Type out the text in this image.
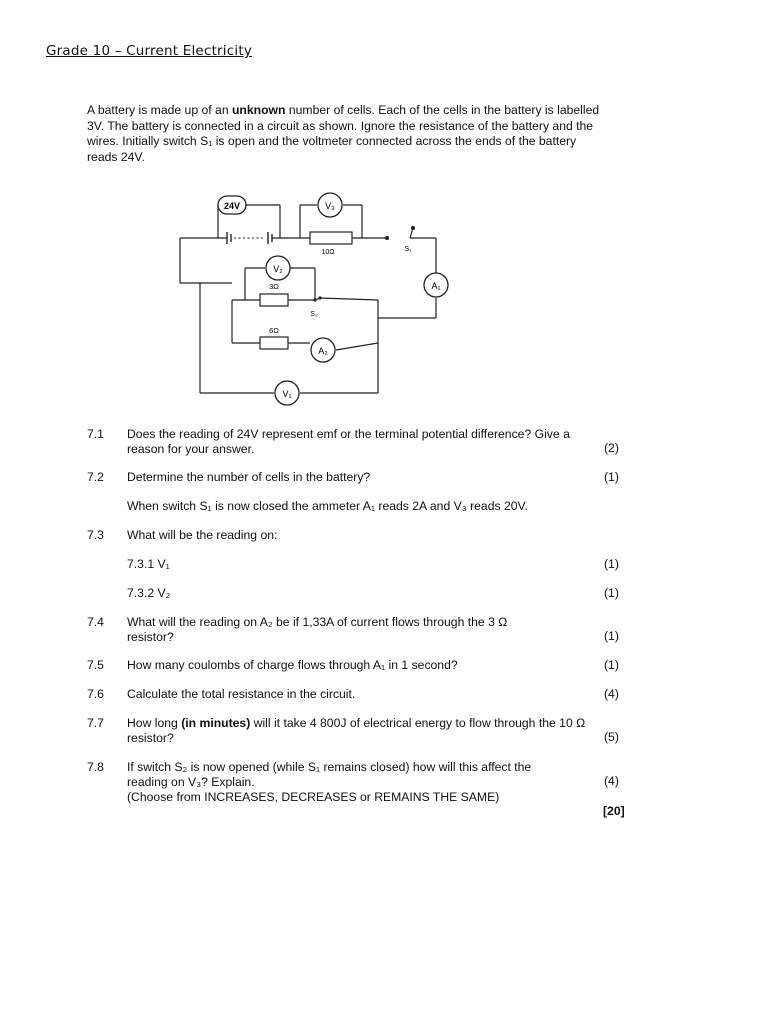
Grade 10 – Current Electricity
A battery is made up of an unknown number of cells. Each of the cells in the battery is labelled 3V. The battery is connected in a circuit as shown. Ignore the resistance of the battery and the wires. Initially switch S₁ is open and the voltmeter connected across the ends of the battery reads 24V.
24V	V₃
10Ω	S₁
A₁
V₂
3Ω
S₂
6Ω
A₂
V₁
7.1 Does the reading of 24V represent emf or the terminal potential difference? Give a reason for your answer.	(2)
7.2 Determine the number of cells in the battery?	(1)
When switch S₁ is now closed the ammeter A₁ reads 2A and V₃ reads 20V.
7.3 What will be the reading on:
7.3.1 V₁	(1)
7.3.2 V₂	(1)
7.4 What will the reading on A₂ be if 1,33A of current flows through the 3 Ω resistor?	(1)
7.5 How many coulombs of charge flows through A₁ in 1 second?	(1)
7.6 Calculate the total resistance in the circuit.	(4)
7.7 How long (in minutes) will it take 4 800J of electrical energy to flow through the 10 Ω resistor?	(5)
7.8 If switch S₂ is now opened (while S₁ remains closed) how will this affect the reading on V₃? Explain.
(Choose from INCREASES, DECREASES or REMAINS THE SAME)
(4)
[20]
